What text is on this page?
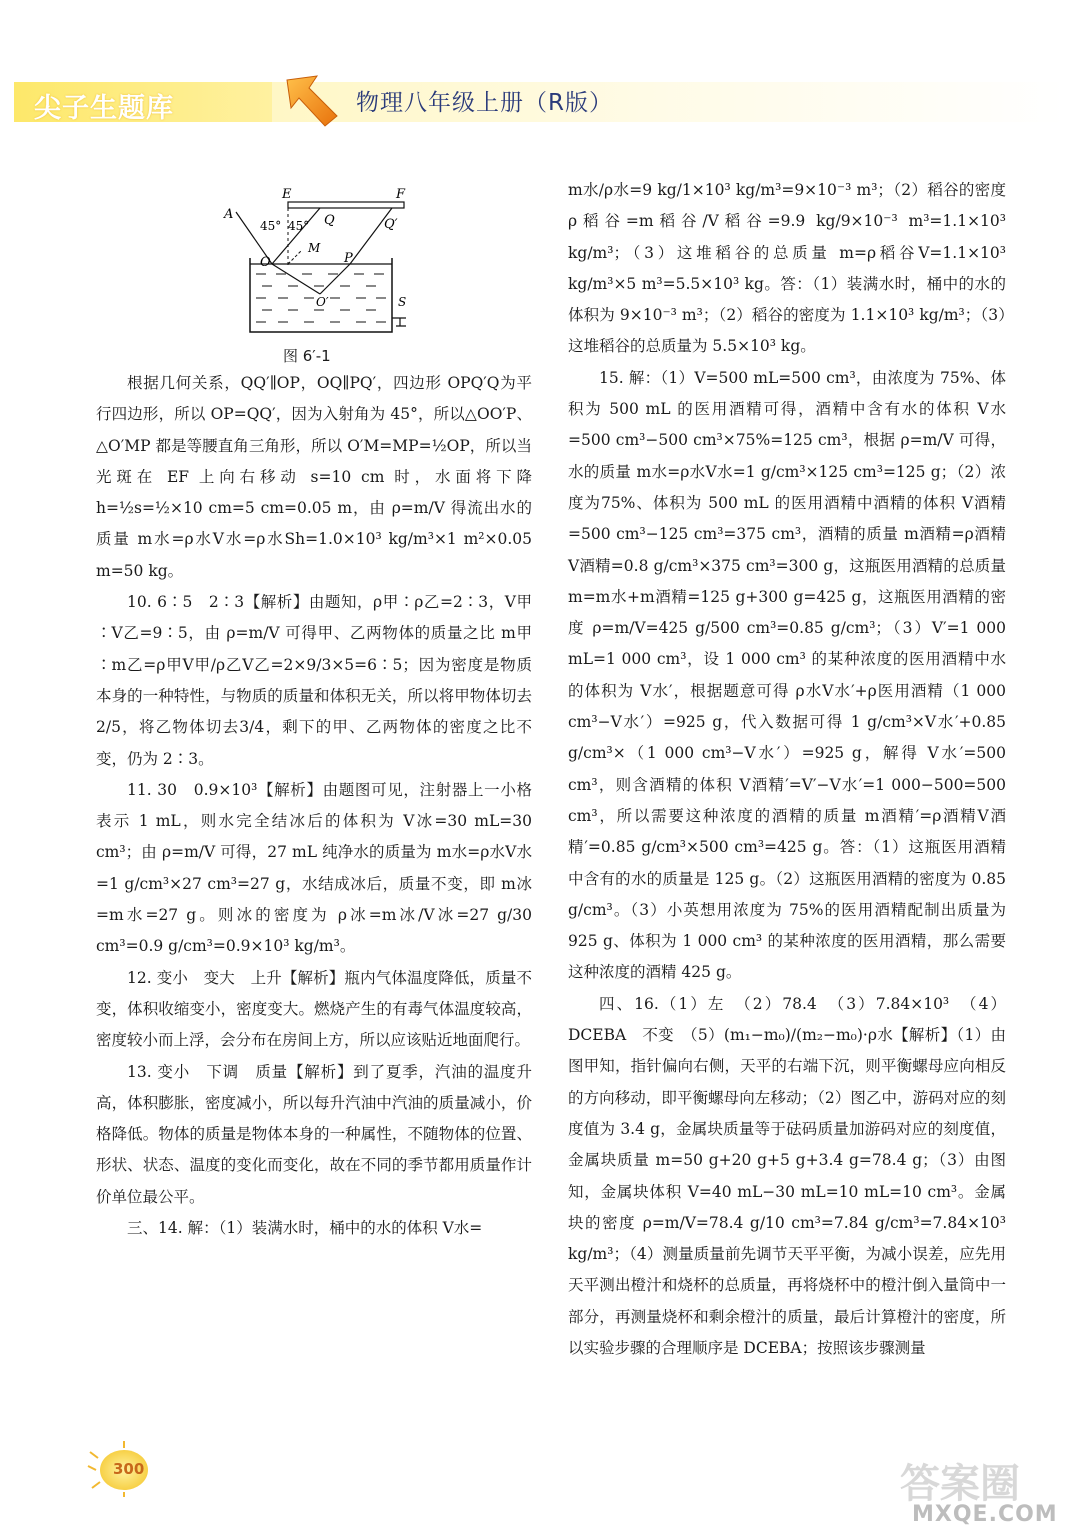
尖子生题库	物理八年级上册（R版）
E	F
A
45° 45° Q	Q′
M
O
O′
P
S
图 6′-1

根据几何关系，QQ′∥OP，OQ∥PQ′，四边形 OPQ′Q为平行四边形，所以 OP=QQ′，因为入射角为 45°，所以△OO′P、△O′MP 都是等腰直角三角形，所以 O′M=MP=½OP，所以当光斑在 EF 上向右移动 s=10 cm 时，水面将下降 h=½s=½×10 cm=5 cm=0.05 m，由 ρ=m/V 得流出水的质量 m水=ρ水V水=ρ水Sh=1.0×10³ kg/m³×1 m²×0.05 m=50 kg。

10. 6∶5　2∶3【解析】由题知，ρ甲∶ρ乙=2∶3，V甲∶V乙=9∶5，由 ρ=m/V 可得甲、乙两物体的质量之比 m甲∶m乙=ρ甲V甲/ρ乙V乙=2×9/3×5=6∶5；因为密度是物质本身的一种特性，与物质的质量和体积无关，所以将甲物体切去2/5，将乙物体切去3/4，剩下的甲、乙两物体的密度之比不变，仍为 2∶3。

11. 30　0.9×10³【解析】由题图可见，注射器上一小格表示 1 mL，则水完全结冰后的体积为 V冰=30 mL=30 cm³；由 ρ=m/V 可得，27 mL 纯净水的质量为 m水=ρ水V水=1 g/cm³×27 cm³=27 g，水结成冰后，质量不变，即 m冰=m水=27 g。则冰的密度为 ρ冰=m冰/V冰=27 g/30 cm³=0.9 g/cm³=0.9×10³ kg/m³。

12. 变小　变大　上升【解析】瓶内气体温度降低，质量不变，体积收缩变小，密度变大。燃烧产生的有毒气体温度较高，密度较小而上浮，会分布在房间上方，所以应该贴近地面爬行。

13. 变小　下调　质量【解析】到了夏季，汽油的温度升高，体积膨胀，密度减小，所以每升汽油中汽油的质量减小，价格降低。物体的质量是物体本身的一种属性，不随物体的位置、形状、状态、温度的变化而变化，故在不同的季节都用质量作计价单位最公平。

三、14. 解：（1）装满水时，桶中的水的体积 V水=

m水/ρ水=9 kg/1×10³ kg/m³=9×10⁻³ m³；（2）稻谷的密度 ρ稻谷=m稻谷/V稻谷=9.9 kg/9×10⁻³ m³=1.1×10³ kg/m³；（3）这堆稻谷的总质量 m=ρ稻谷V=1.1×10³ kg/m³×5 m³=5.5×10³ kg。答：（1）装满水时，桶中的水的体积为 9×10⁻³ m³；（2）稻谷的密度为 1.1×10³ kg/m³；（3）这堆稻谷的总质量为 5.5×10³ kg。

15. 解：（1）V=500 mL=500 cm³，由浓度为 75%、体积为 500 mL 的医用酒精可得，酒精中含有水的体积 V水=500 cm³−500 cm³×75%=125 cm³，根据 ρ=m/V 可得，水的质量 m水=ρ水V水=1 g/cm³×125 cm³=125 g；（2）浓度为75%、体积为 500 mL 的医用酒精中酒精的体积 V酒精=500 cm³−125 cm³=375 cm³，酒精的质量 m酒精=ρ酒精V酒精=0.8 g/cm³×375 cm³=300 g，这瓶医用酒精的总质量 m=m水+m酒精=125 g+300 g=425 g，这瓶医用酒精的密度 ρ=m/V=425 g/500 cm³=0.85 g/cm³；（3）V′=1 000 mL=1 000 cm³，设 1 000 cm³ 的某种浓度的医用酒精中水的体积为 V水′，根据题意可得 ρ水V水′+ρ医用酒精（1 000 cm³−V水′）=925 g，代入数据可得 1 g/cm³×V水′+0.85 g/cm³×（1 000 cm³−V水′）=925 g，解得 V水′=500 cm³，则含酒精的体积 V酒精′=V′−V水′=1 000−500=500 cm³，所以需要这种浓度的酒精的质量 m酒精′=ρ酒精V酒精′=0.85 g/cm³×500 cm³=425 g。答：（1）这瓶医用酒精中含有的水的质量是 125 g。（2）这瓶医用酒精的密度为 0.85 g/cm³。（3）小英想用浓度为 75%的医用酒精配制出质量为 925 g、体积为 1 000 cm³ 的某种浓度的医用酒精，那么需要这种浓度的酒精 425 g。

四、16.（1）左　（2）78.4　（3）7.84×10³　（4）DCEBA　不变　（5）(m₁−m₀)/(m₂−m₀)·ρ水【解析】（1）由图甲知，指针偏向右侧，天平的右端下沉，则平衡螺母应向相反的方向移动，即平衡螺母向左移动；（2）图乙中，游码对应的刻度值为 3.4 g，金属块质量等于砝码质量加游码对应的刻度值，金属块质量 m=50 g+20 g+5 g+3.4 g=78.4 g；（3）由图知，金属块体积 V=40 mL−30 mL=10 mL=10 cm³。金属块的密度 ρ=m/V=78.4 g/10 cm³=7.84 g/cm³=7.84×10³ kg/m³；（4）测量质量前先调节天平平衡，为减小误差，应先用天平测出橙汁和烧杯的总质量，再将烧杯中的橙汁倒入量筒中一部分，再测量烧杯和剩余橙汁的质量，最后计算橙汁的密度，所以实验步骤的合理顺序是 DCEBA；按照该步骤测量

300	答案圈
MXQE.COM
